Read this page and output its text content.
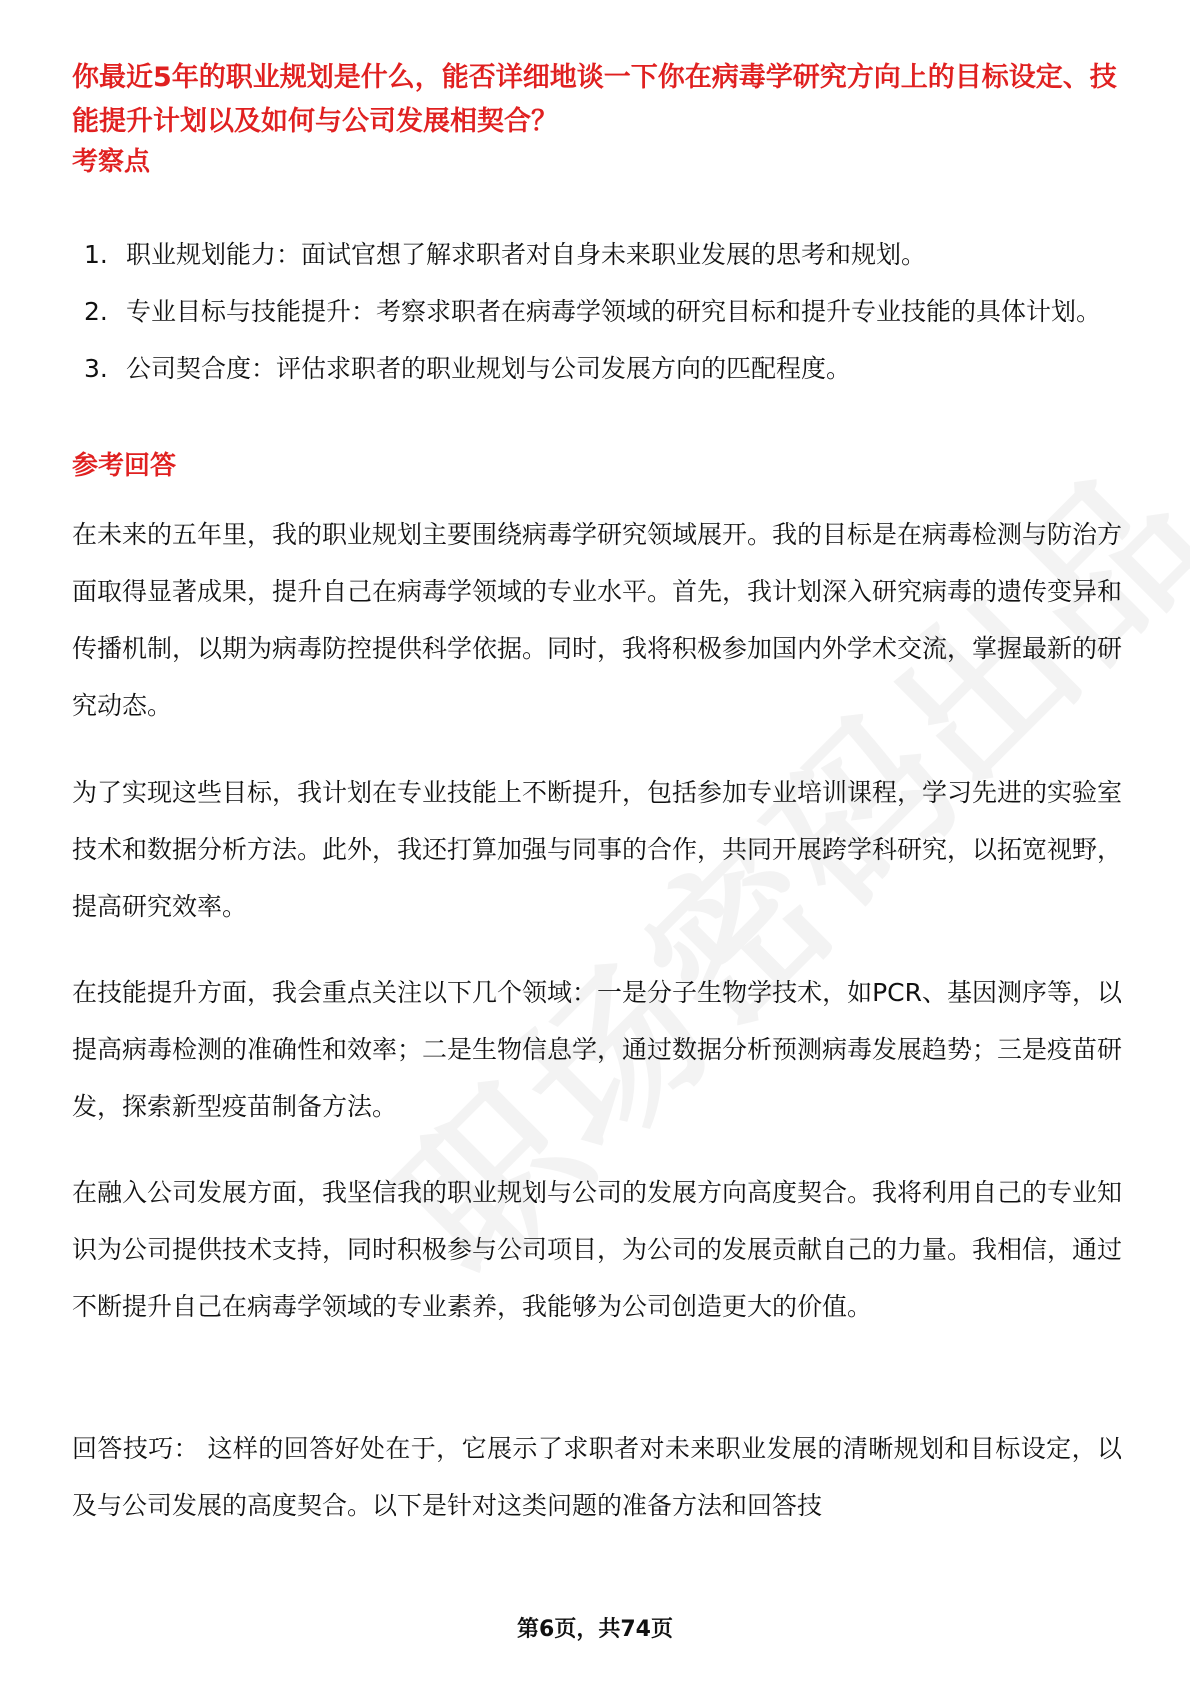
你最近5年的职业规划是什么，能否详细地谈一下你在病毒学研究方向上的目标设定、技能提升计划以及如何与公司发展相契合？
考察点
1. 职业规划能力：面试官想了解求职者对自身未来职业发展的思考和规划。
2. 专业目标与技能提升：考察求职者在病毒学领域的研究目标和提升专业技能的具体计划。
3. 公司契合度：评估求职者的职业规划与公司发展方向的匹配程度。
参考回答
在未来的五年里，我的职业规划主要围绕病毒学研究领域展开。我的目标是在病毒检测与防治方面取得显著成果，提升自己在病毒学领域的专业水平。首先，我计划深入研究病毒的遗传变异和传播机制，以期为病毒防控提供科学依据。同时，我将积极参加国内外学术交流，掌握最新的研究动态。
为了实现这些目标，我计划在专业技能上不断提升，包括参加专业培训课程，学习先进的实验室技术和数据分析方法。此外，我还打算加强与同事的合作，共同开展跨学科研究，以拓宽视野，提高研究效率。
在技能提升方面，我会重点关注以下几个领域：一是分子生物学技术，如PCR、基因测序等，以提高病毒检测的准确性和效率；二是生物信息学，通过数据分析预测病毒发展趋势；三是疫苗研发，探索新型疫苗制备方法。
在融入公司发展方面，我坚信我的职业规划与公司的发展方向高度契合。我将利用自己的专业知识为公司提供技术支持，同时积极参与公司项目，为公司的发展贡献自己的力量。我相信，通过不断提升自己在病毒学领域的专业素养，我能够为公司创造更大的价值。
回答技巧： 这样的回答好处在于，它展示了求职者对未来职业发展的清晰规划和目标设定，以及与公司发展的高度契合。以下是针对这类问题的准备方法和回答技
第6页，共74页
